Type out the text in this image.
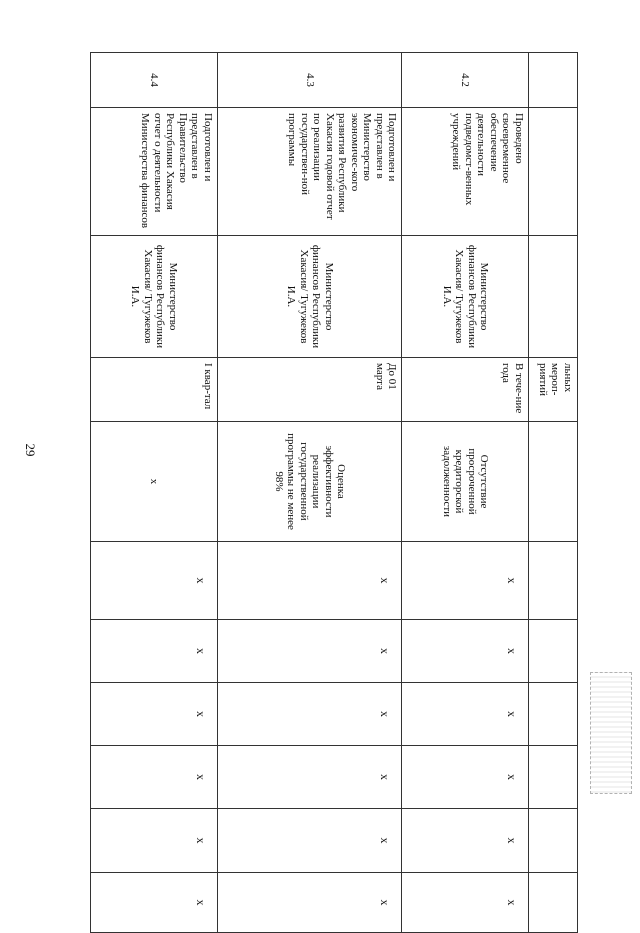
29
			льных мероп-риятий							
4.2	Проведено своевременное обеспечение деятельности подведомст-венных учреждений	Министерство финансов Республики Хакасия/ Тугужеков И.А.	В тече-ние года	Отсутствие просроченной кредиторской задолженности	x	x	x	x	x	x
4.3	Подготовлен и представлен в Министерство экономичес-кого развития Республики Хакасия годовой отчет по реализации государствен-ной программы	Министерство финансов Республики Хакасия/ Тугужеков И.А.	До 01 марта	Оценка эффективности реализации государственной программы не менее 98%	x	x	x	x	x	x
4.4	Подготовлен и представлен в Правительство Республики Хакасия отчет о деятельности Министерства финансов	Министерство финансов Республики Хакасия/ Тугужеков И.А.	I квар-тал	x	x	x	x	x	x	x
